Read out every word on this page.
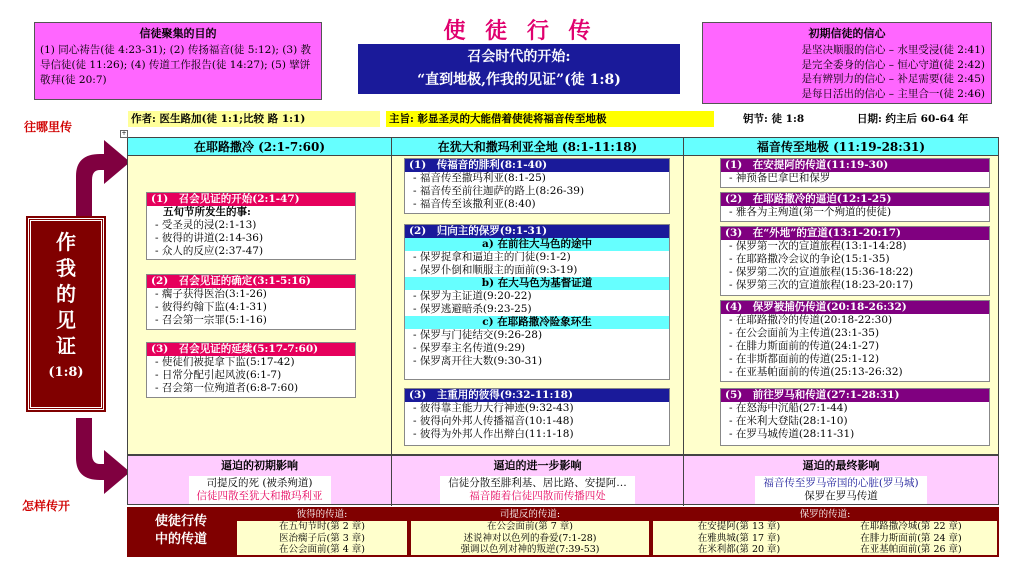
信徒聚集的目的
(1) 同心祷告(徒 4:23-31); (2) 传扬福音(徒 5:12); (3) 教导信徒(徒 11:26); (4) 传道工作报告(徒 14:27); (5) 擘饼敬拜(徒 20:7)
使 徒 行 传
召会时代的开始:
“直到地极,作我的见证”(徒 1:8)
初期信徒的信心
是坚决顺服的信心 – 水里受浸(徒 2:41)
是完全委身的信心 – 恒心守道(徒 2:42)
是有辨别力的信心 – 补足需要(徒 2:45)
是每日活出的信心 – 主里合一(徒 2:46)
作者: 医生路加(徒 1:1;比较 路 1:1)	主旨: 彰显圣灵的大能借着使徒将福音传至地极	钥节: 徒 1:8	日期: 约主后 60-64 年
往哪里传
作
我
的
见
证
(1:8)
怎样传开
+
在耶路撒冷 (2:1-7:60)	在犹大和撒玛利亚全地 (8:1-11:18)	福音传至地极 (11:19-28:31)
(1)　召会见证的开始(2:1-47)
五旬节所发生的事:
- 受圣灵的浸(2:1-13)
- 彼得的讲道(2:14-36)
- 众人的反应(2:37-47)
(2)　召会见证的确定(3:1-5:16)
- 瘸子获得医治(3:1-26)
- 彼得约翰下监(4:1-31)
- 召会第一宗罪(5:1-16)
(3)　召会见证的延续(5:17-7:60)
- 使徒们被捉拿下监(5:17-42)
- 日常分配引起风波(6:1-7)
- 召会第一位殉道者(6:8-7:60)
(1)　传福音的腓利(8:1-40)
- 福音传至撒玛利亚(8:1-25)
- 福音传至前往迦萨的路上(8:26-39)
- 福音传至该撒利亚(8:40)
(2)　归向主的保罗(9:1-31)
a) 在前往大马色的途中
- 保罗捉拿和逼迫主的门徒(9:1-2)
- 保罗仆倒和顺服主的面前(9:3-19)
b) 在大马色为基督证道
- 保罗为主证道(9:20-22)
- 保罗逃避暗杀(9:23-25)
c) 在耶路撒冷险象环生
- 保罗与门徒结交(9:26-28)
- 保罗奉主名传道(9:29)
- 保罗离开往大数(9:30-31)
(3)　主重用的彼得(9:32-11:18)
- 彼得靠主能力大行神迹(9:32-43)
- 彼得向外邦人传播福音(10:1-48)
- 彼得为外邦人作出辩白(11:1-18)
(1)　在安提阿的传道(11:19-30)
- 神预备巴拿巴和保罗
(2)　在耶路撒冷的逼迫(12:1-25)
- 雅各为主殉道(第一个殉道的使徒)
(3)　在“外地”的宣道(13:1-20:17)
- 保罗第一次的宣道旅程(13:1-14:28)
- 在耶路撒冷会议的争论(15:1-35)
- 保罗第二次的宣道旅程(15:36-18:22)
- 保罗第三次的宣道旅程(18:23-20:17)
(4)　保罗被捕仍传道(20:18-26:32)
- 在耶路撒冷的传道(20:18-22:30)
- 在公会面前为主传道(23:1-35)
- 在腓力斯面前的传道(24:1-27)
- 在非斯都面前的传道(25:1-12)
- 在亚基帕面前的传道(25:13-26:32)
(5)　前往罗马和传道(27:1-28:31)
- 在怒海中沉船(27:1-44)
- 在米利大登陆(28:1-10)
- 在罗马城传道(28:11-31)
逼迫的初期影响
司提反的死 (被杀殉道)
信徒四散至犹大和撒玛利亚
逼迫的进一步影响
信徒分散至腓利基、居比路、安提阿…
福音随着信徒四散而传播四处
逼迫的最终影响
福音传至罗马帝国的心脏(罗马城)
保罗在罗马传道
使徒行传
中的传道
彼得的传道:
在五旬节时(第 2 章)
医治瘸子后(第 3 章)
在公会面前(第 4 章)
司提反的传道:
在公会面前(第 7 章)
述说神对以色列的眷爱(7:1-28)
强调以色列对神的叛逆(7:39-53)
保罗的传道:
在安提阿(第 13 章)
在雅典城(第 17 章)
在米利都(第 20 章)
在耶路撒冷城(第 22 章)
在腓力斯面前(第 24 章)
在亚基帕面前(第 26 章)
